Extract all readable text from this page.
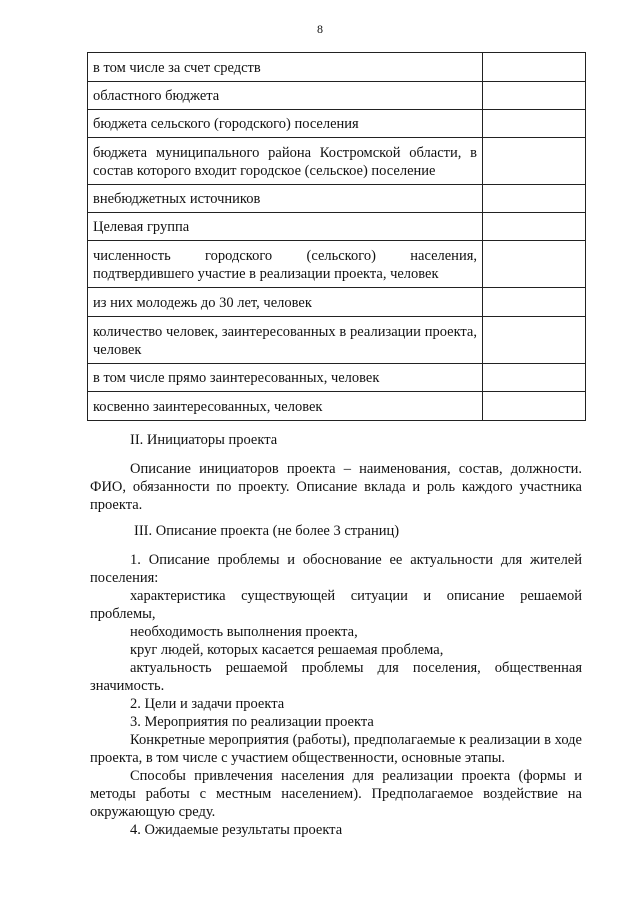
8
в том числе за счет средств	
областного бюджета	
бюджета сельского (городского) поселения	
бюджета муниципального района Костромской области, в состав которого входит городское (сельское) поселение	
внебюджетных источников	
Целевая группа	
численность городского (сельского) населения, подтвердившего участие в реализации проекта, человек	
из них молодежь до 30 лет, человек	
количество человек, заинтересованных в реализации проекта, человек	
в том числе прямо заинтересованных, человек	
косвенно заинтересованных, человек	

II. Инициаторы проекта

Описание инициаторов проекта – наименования, состав, должности. ФИО, обязанности по проекту. Описание вклада и роль каждого участника проекта.

III. Описание проекта (не более 3 страниц)

1. Описание проблемы и обоснование ее актуальности для жителей поселения:

характеристика существующей ситуации и описание решаемой проблемы,

необходимость выполнения проекта,

круг людей, которых касается решаемая проблема,

актуальность решаемой проблемы для поселения, общественная значимость.

2. Цели и задачи проекта

3. Мероприятия по реализации проекта

Конкретные мероприятия (работы), предполагаемые к реализации в ходе проекта, в том числе с участием общественности, основные этапы.

Способы привлечения населения для реализации проекта (формы и методы работы с местным населением). Предполагаемое воздействие на окружающую среду.

4. Ожидаемые результаты проекта
